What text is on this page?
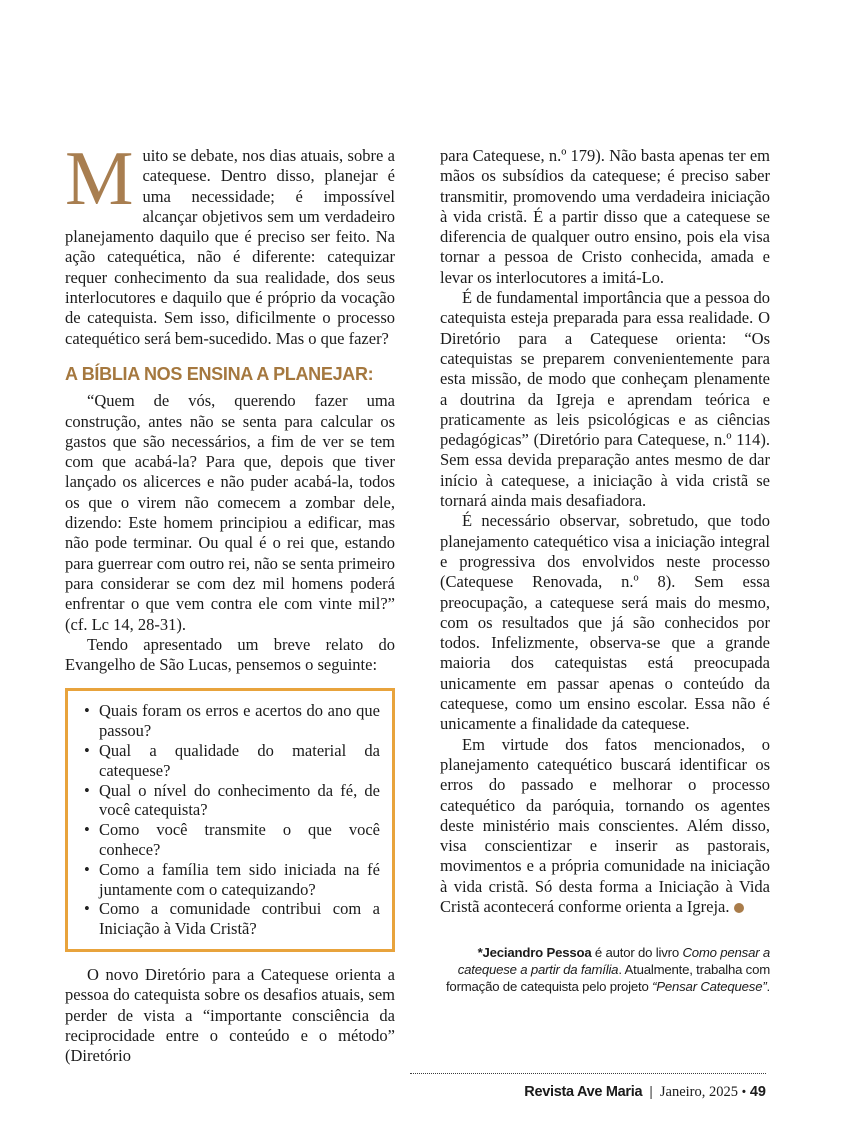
Muito se debate, nos dias atuais, sobre a catequese. Dentro disso, planejar é uma necessidade; é impossível alcançar objetivos sem um verdadeiro planejamento daquilo que é preciso ser feito. Na ação catequética, não é diferente: catequizar requer conhecimento da sua realidade, dos seus interlocutores e daquilo que é próprio da vocação de catequista. Sem isso, dificilmente o processo catequético será bem-sucedido. Mas o que fazer?

A BÍBLIA NOS ENSINA A PLANEJAR:

“Quem de vós, querendo fazer uma construção, antes não se senta para calcular os gastos que são necessários, a fim de ver se tem com que acabá-la? Para que, depois que tiver lançado os alicerces e não puder acabá-la, todos os que o virem não comecem a zombar dele, dizendo: Este homem principiou a edificar, mas não pode terminar. Ou qual é o rei que, estando para guerrear com outro rei, não se senta primeiro para considerar se com dez mil homens poderá enfrentar o que vem contra ele com vinte mil?” (cf. Lc 14, 28-31).

Tendo apresentado um breve relato do Evangelho de São Lucas, pensemos o seguinte:

• Quais foram os erros e acertos do ano que passou?
• Qual a qualidade do material da catequese?
• Qual o nível do conhecimento da fé, de você catequista?
• Como você transmite o que você conhece?
• Como a família tem sido iniciada na fé juntamente com o catequizando?
• Como a comunidade contribui com a Iniciação à Vida Cristã?

O novo Diretório para a Catequese orienta a pessoa do catequista sobre os desafios atuais, sem perder de vista a “importante consciência da reciprocidade entre o conteúdo e o método” (Diretório

para Catequese, n.º 179). Não basta apenas ter em mãos os subsídios da catequese; é preciso saber transmitir, promovendo uma verdadeira iniciação à vida cristã. É a partir disso que a catequese se diferencia de qualquer outro ensino, pois ela visa tornar a pessoa de Cristo conhecida, amada e levar os interlocutores a imitá-Lo.

É de fundamental importância que a pessoa do catequista esteja preparada para essa realidade. O Diretório para a Catequese orienta: “Os catequistas se preparem convenientemente para esta missão, de modo que conheçam plenamente a doutrina da Igreja e aprendam teórica e praticamente as leis psicológicas e as ciências pedagógicas” (Diretório para Catequese, n.º 114). Sem essa devida preparação antes mesmo de dar início à catequese, a iniciação à vida cristã se tornará ainda mais desafiadora.

É necessário observar, sobretudo, que todo planejamento catequético visa a iniciação integral e progressiva dos envolvidos neste processo (Catequese Renovada, n.º 8). Sem essa preocupação, a catequese será mais do mesmo, com os resultados que já são conhecidos por todos. Infelizmente, observa-se que a grande maioria dos catequistas está preocupada unicamente em passar apenas o conteúdo da catequese, como um ensino escolar. Essa não é unicamente a finalidade da catequese.

Em virtude dos fatos mencionados, o planejamento catequético buscará identificar os erros do passado e melhorar o processo catequético da paróquia, tornando os agentes deste ministério mais conscientes. Além disso, visa conscientizar e inserir as pastorais, movimentos e a própria comunidade na iniciação à vida cristã. Só desta forma a Iniciação à Vida Cristã acontecerá conforme orienta a Igreja.

*Jeciandro Pessoa é autor do livro Como pensar a catequese a partir da família. Atualmente, trabalha com formação de catequista pelo projeto “Pensar Catequese”.
Revista Ave Maria | Janeiro, 2025 • 49
